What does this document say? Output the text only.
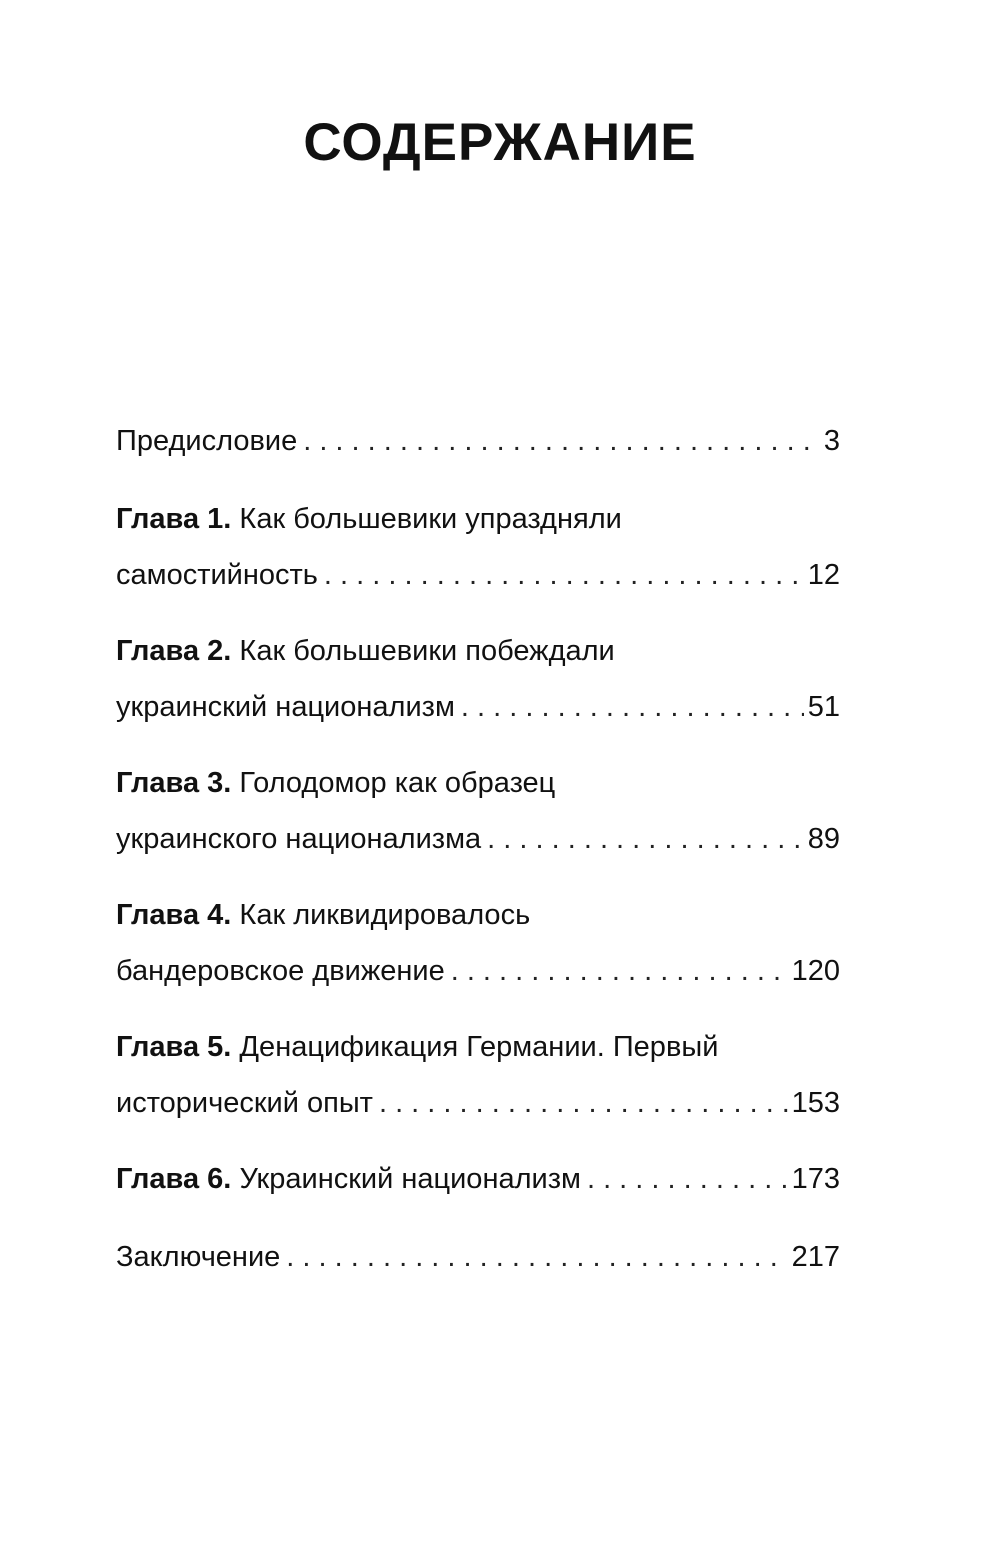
СОДЕРЖАНИЕ
Предисловие . . .	3
Глава 1. Как большевики упраздняли
самостийность . . .	12
Глава 2. Как большевики побеждали
украинский национализм . . .	51
Глава 3. Голодомор как образец
украинского национализма . . .	89
Глава 4. Как ликвидировалось
бандеровское движение . . .	120
Глава 5. Денацификация Германии. Первый
исторический опыт . . .	153
Глава 6. Украинский национализм . . .	173
Заключение . . .	217
